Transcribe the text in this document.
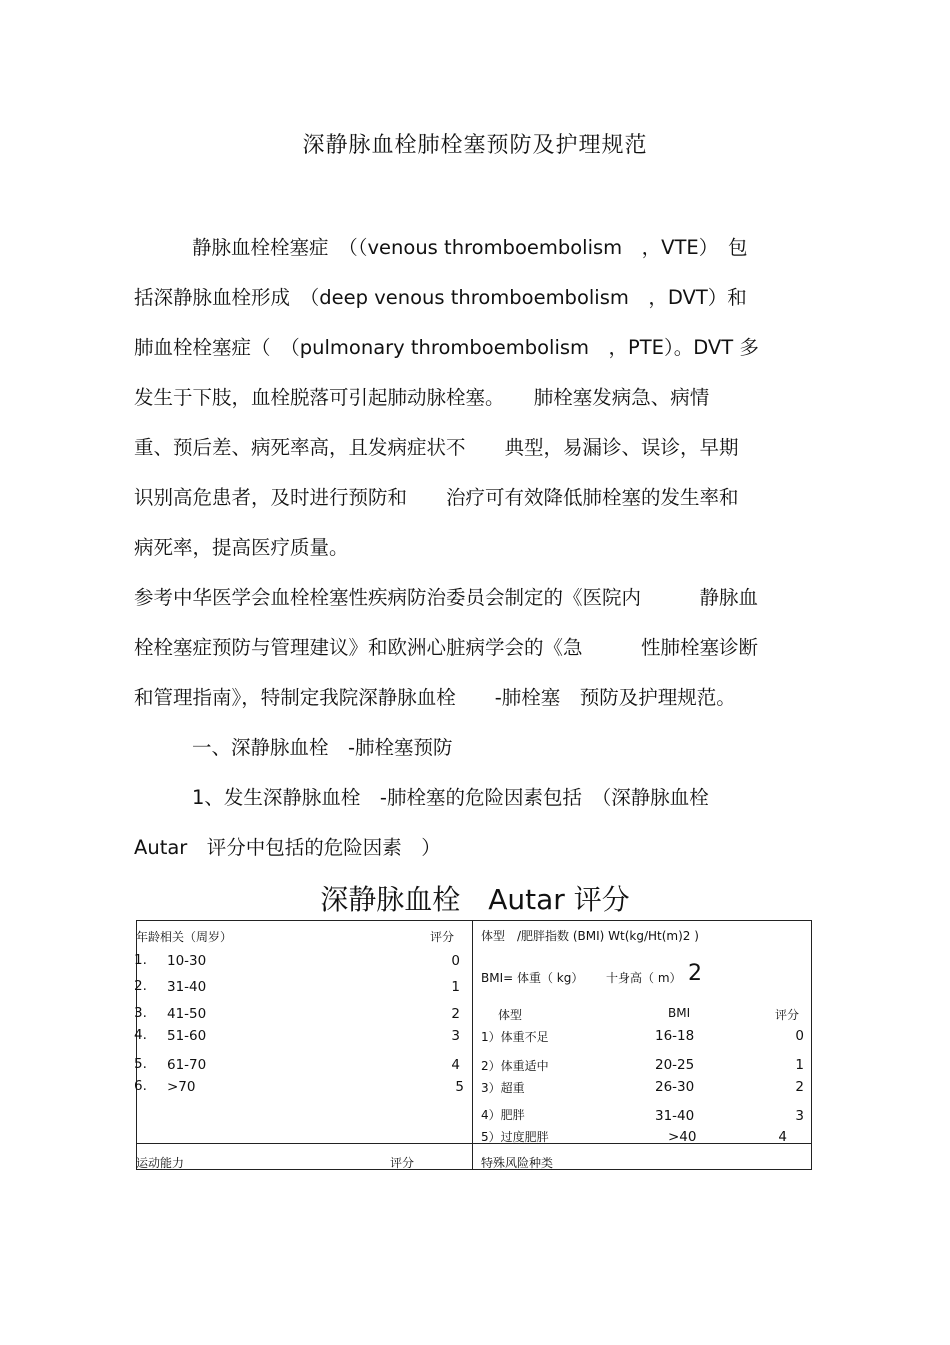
深静脉血栓肺栓塞预防及护理规范
静脉血栓栓塞症　（（venous thromboembolism　，VTE）　包
括深静脉血栓形成　（deep venous thromboembolism　，DVT）和
肺血栓栓塞症（　（pulmonary thromboembolism　，PTE）。DVT 多
发生于下肢，血栓脱落可引起肺动脉栓塞。　　肺栓塞发病急、病情
重、预后差、病死率高，且发病症状不　　典型，易漏诊、误诊，早期
识别高危患者，及时进行预防和　　治疗可有效降低肺栓塞的发生率和
病死率，提高医疗质量。
参考中华医学会血栓栓塞性疾病防治委员会制定的《医院内　　　静脉血
栓栓塞症预防与管理建议》和欧洲心脏病学会的《急　　　性肺栓塞诊断
和管理指南》，特制定我院深静脉血栓　　-肺栓塞　预防及护理规范。
一、深静脉血栓　-肺栓塞预防
1、发生深静脉血栓　-肺栓塞的危险因素包括　（深静脉血栓
Autar　评分中包括的危险因素　）
深静脉血栓　Autar 评分
年龄相关（周岁）	评分
1. 10-30	0
2. 31-40	1
3. 41-50	2
4. 51-60	3
5. 61-70	4
6. >70	5
体型　/肥胖指数 (BMI) Wt(kg/Ht(m)2 )
BMI= 体重（ kg） 十身高（ m） 2
体型	BMI	评分
1）体重不足	16-18	0
2）体重适中	20-25	1
3）超重	26-30	2
4）肥胖	31-40	3
5）过度肥胖	>40	4
运动能力	评分	特殊风险种类
